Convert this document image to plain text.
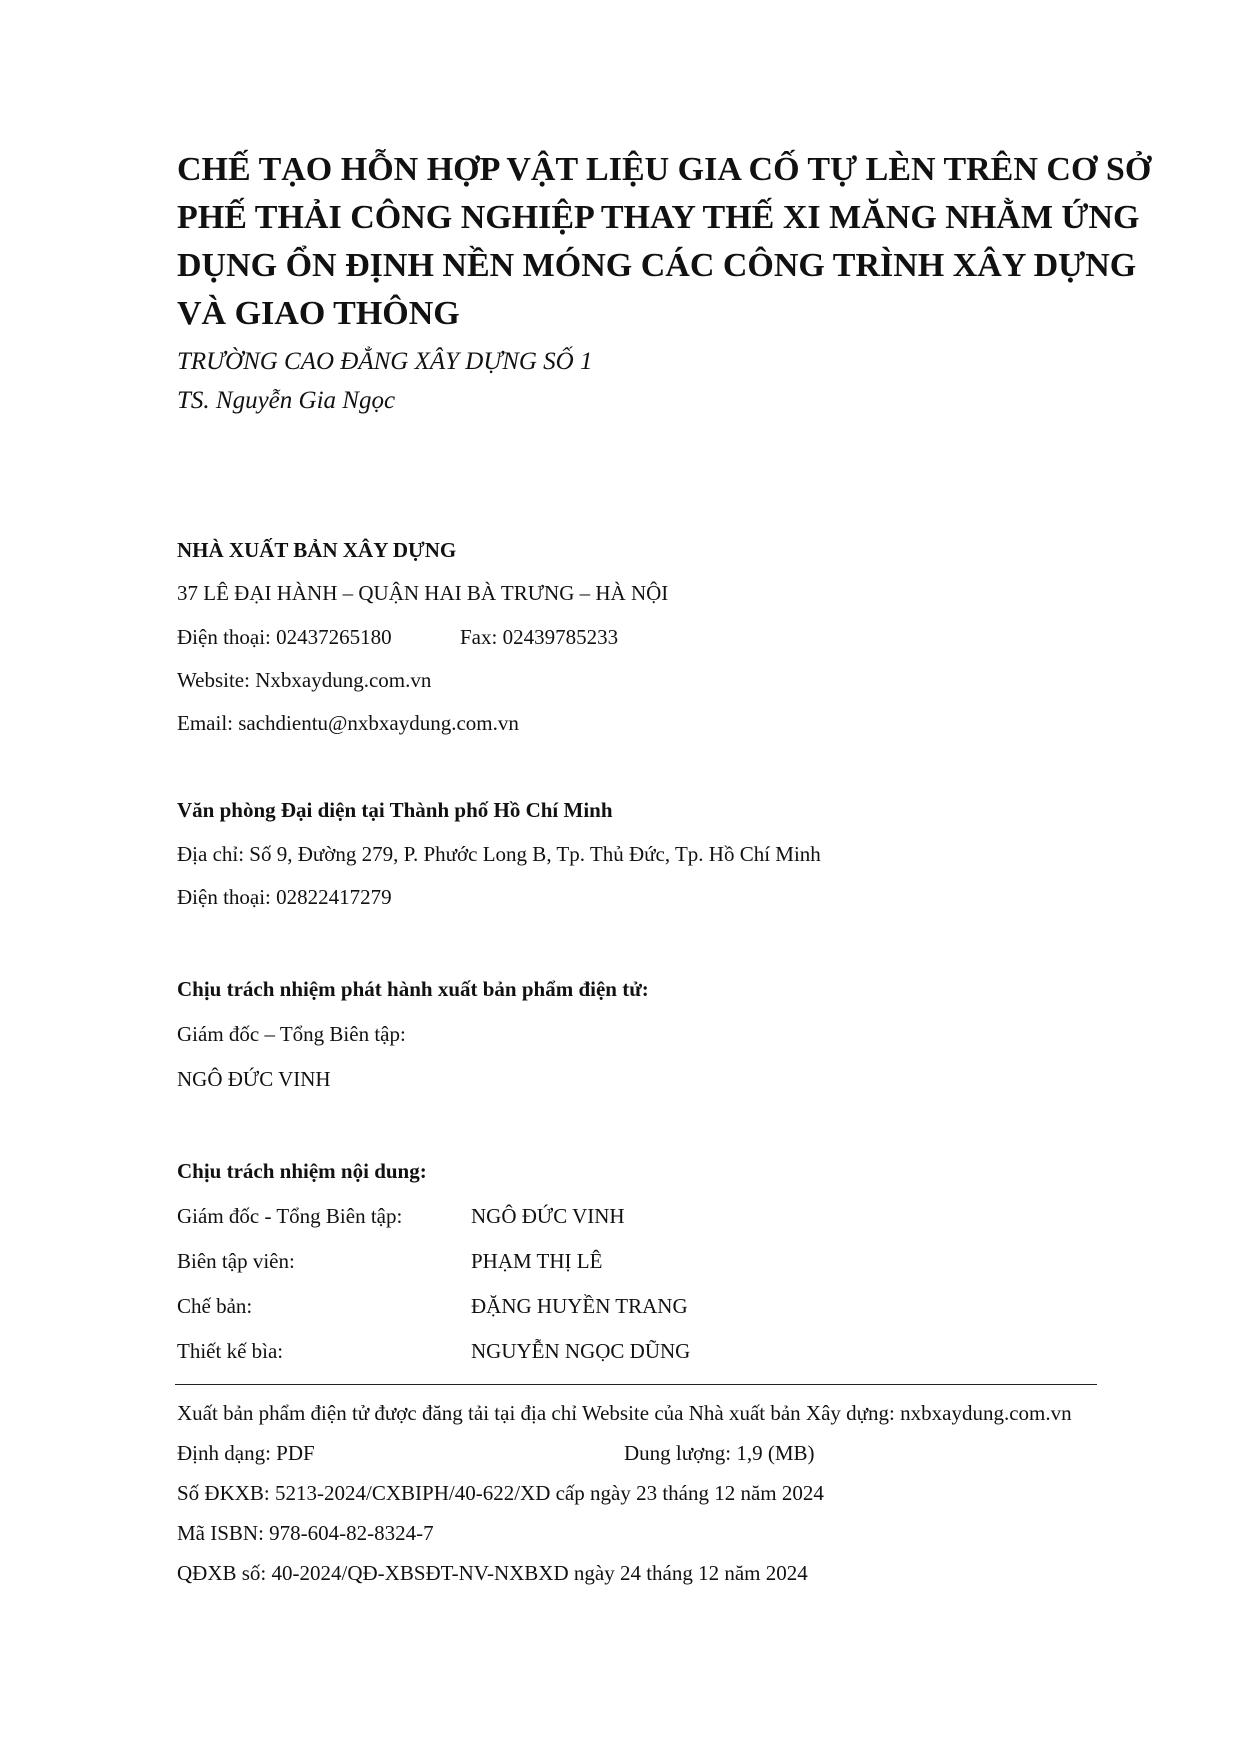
CHẾ TẠO HỖN HỢP VẬT LIỆU GIA CỐ TỰ LÈN TRÊN CƠ SỞ
PHẾ THẢI CÔNG NGHIỆP THAY THẾ XI MĂNG NHẰM ỨNG
DỤNG ỔN ĐỊNH NỀN MÓNG CÁC CÔNG TRÌNH XÂY DỰNG
VÀ GIAO THÔNG
TRƯỜNG CAO ĐẲNG XÂY DỰNG SỐ 1
TS. Nguyễn Gia Ngọc
NHÀ XUẤT BẢN XÂY DỰNG
37 LÊ ĐẠI HÀNH – QUẬN HAI BÀ TRƯNG – HÀ NỘI
Điện thoại: 02437265180	Fax: 02439785233
Website: Nxbxaydung.com.vn
Email: sachdientu@nxbxaydung.com.vn
Văn phòng Đại diện tại Thành phố Hồ Chí Minh
Địa chỉ: Số 9, Đường 279, P. Phước Long B, Tp. Thủ Đức, Tp. Hồ Chí Minh
Điện thoại: 02822417279
Chịu trách nhiệm phát hành xuất bản phẩm điện tử:
Giám đốc – Tổng Biên tập:
NGÔ ĐỨC VINH
Chịu trách nhiệm nội dung:
Giám đốc - Tổng Biên tập:	NGÔ ĐỨC VINH
Biên tập viên:	PHẠM THỊ LÊ
Chế bản:	ĐẶNG HUYỀN TRANG
Thiết kế bìa:	NGUYỄN NGỌC DŨNG
Xuất bản phẩm điện tử được đăng tải tại địa chỉ Website của Nhà xuất bản Xây dựng: nxbxaydung.com.vn
Định dạng: PDF	Dung lượng: 1,9 (MB)
Số ĐKXB: 5213-2024/CXBIPH/40-622/XD cấp ngày 23 tháng 12 năm 2024
Mã ISBN: 978-604-82-8324-7
QĐXB số: 40-2024/QĐ-XBSĐT-NV-NXBXD ngày 24 tháng 12 năm 2024
